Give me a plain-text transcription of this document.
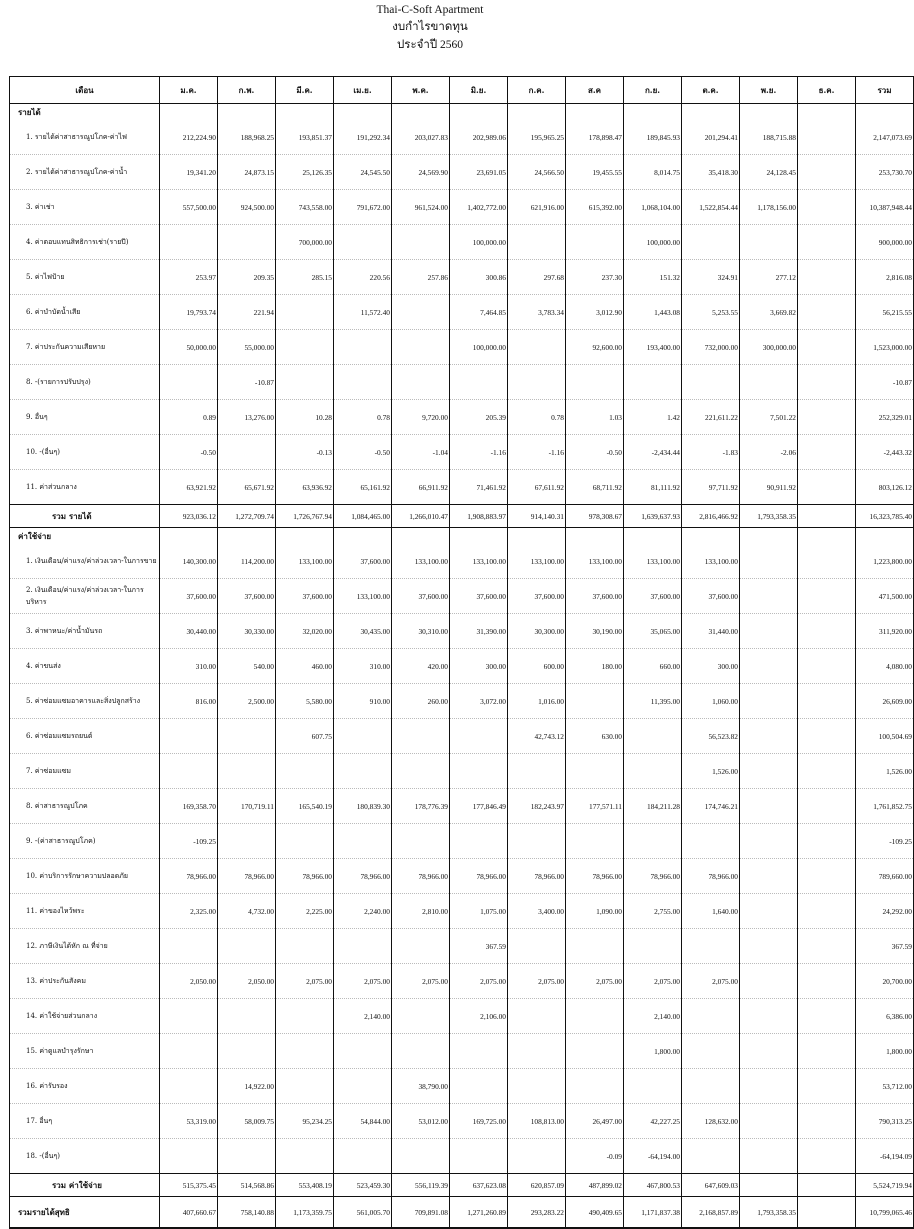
Thai-C-Soft Apartment
งบกำไรขาดทุน
ประจำปี 2560
เดือน	ม.ค.	ก.พ.	มี.ค.	เม.ย.	พ.ค.	มิ.ย.	ก.ค.	ส.ค	ก.ย.	ต.ค.	พ.ย.	ธ.ค.	รวม
รายได้													
1. รายได้ค่าสาธารณูปโภค-ค่าไฟ	212,224.90	188,968.25	193,851.37	191,292.34	203,027.83	202,989.06	195,965.25	178,898.47	189,845.93	201,294.41	188,715.88		2,147,073.69
2. รายได้ค่าสาธารณูปโภค-ค่าน้ำ	19,341.20	24,873.15	25,126.35	24,545.50	24,569.90	23,691.05	24,566.50	19,455.55	8,014.75	35,418.30	24,128.45		253,730.70
3. ค่าเช่า	557,500.00	924,500.00	743,558.00	791,672.00	961,524.00	1,402,772.00	621,916.00	615,392.00	1,068,104.00	1,522,854.44	1,178,156.00		10,387,948.44
4. ค่าตอบแทนสิทธิการเช่า(รายปี)			700,000.00			100,000.00			100,000.00				900,000.00
5. ค่าไฟป้าย	253.97	209.35	285.15	220.56	257.86	300.86	297.68	237.30	151.32	324.91	277.12		2,816.08
6. ค่าบำบัดน้ำเสีย	19,793.74	221.94		11,572.40		7,464.85	3,783.34	3,012.90	1,443.08	5,253.55	3,669.82		56,215.55
7. ค่าประกันความเสียหาย	50,000.00	55,000.00				100,000.00		92,600.00	193,400.00	732,000.00	300,000.00		1,523,000.00
8. -(รายการปรับปรุง)		-10.87											-10.87
9. อื่นๆ	0.89	13,276.00	10.28	0.78	9,720.00	205.39	0.78	1.03	1.42	221,611.22	7,501.22		252,329.01
10. -(อื่นๆ)	-0.50		-0.13	-0.50	-1.04	-1.16	-1.16	-0.50	-2,434.44	-1.83	-2.06		-2,443.32
11. ค่าส่วนกลาง	63,921.92	65,671.92	63,936.92	65,161.92	66,911.92	71,461.92	67,611.92	68,711.92	81,111.92	97,711.92	90,911.92		803,126.12
รวม รายได้	923,036.12	1,272,709.74	1,726,767.94	1,084,465.00	1,266,010.47	1,908,883.97	914,140.31	978,308.67	1,639,637.93	2,816,466.92	1,793,358.35		16,323,785.40
ค่าใช้จ่าย													
1. เงินเดือน/ค่าแรง/ค่าล่วงเวลา-ในการขาย	140,300.00	114,200.00	133,100.00	37,600.00	133,100.00	133,100.00	133,100.00	133,100.00	133,100.00	133,100.00			1,223,800.00
2. เงินเดือน/ค่าแรง/ค่าล่วงเวลา-ในการบริหาร	37,600.00	37,600.00	37,600.00	133,100.00	37,600.00	37,600.00	37,600.00	37,600.00	37,600.00	37,600.00			471,500.00
3. ค่าพาหนะ/ค่าน้ำมันรถ	30,440.00	30,330.00	32,020.00	30,435.00	30,310.00	31,390.00	30,300.00	30,190.00	35,065.00	31,440.00			311,920.00
4. ค่าขนส่ง	310.00	540.00	460.00	310.00	420.00	300.00	600.00	180.00	660.00	300.00			4,080.00
5. ค่าซ่อมแซมอาคารและสิ่งปลูกสร้าง	816.00	2,500.00	5,580.00	910.00	260.00	3,072.00	1,016.00		11,395.00	1,060.00			26,609.00
6. ค่าซ่อมแซมรถยนต์			607.75				42,743.12	630.00		56,523.82			100,504.69
7. ค่าซ่อมแซม										1,526.00			1,526.00
8. ค่าสาธารณูปโภค	169,358.70	170,719.11	165,540.19	180,839.30	178,776.39	177,846.49	182,243.97	177,571.11	184,211.28	174,746.21			1,761,852.75
9. -(ค่าสาธารณูปโภค)	-109.25												-109.25
10. ค่าบริการรักษาความปลอดภัย	78,966.00	78,966.00	78,966.00	78,966.00	78,966.00	78,966.00	78,966.00	78,966.00	78,966.00	78,966.00			789,660.00
11. ค่าของไหว้พระ	2,325.00	4,732.00	2,225.00	2,240.00	2,810.00	1,075.00	3,400.00	1,090.00	2,755.00	1,640.00			24,292.00
12. ภาษีเงินได้หัก ณ ที่จ่าย						367.59							367.59
13. ค่าประกันสังคม	2,050.00	2,050.00	2,075.00	2,075.00	2,075.00	2,075.00	2,075.00	2,075.00	2,075.00	2,075.00			20,700.00
14. ค่าใช้จ่ายส่วนกลาง				2,140.00		2,106.00			2,140.00				6,386.00
15. ค่าดูแลบำรุงรักษา									1,800.00				1,800.00
16. ค่ารับรอง		14,922.00			38,790.00								53,712.00
17. อื่นๆ	53,319.00	58,009.75	95,234.25	54,844.00	53,012.00	169,725.00	108,813.00	26,497.00	42,227.25	128,632.00			790,313.25
18. -(อื่นๆ)								-0.09	-64,194.00				-64,194.09
รวม ค่าใช้จ่าย	515,375.45	514,568.86	553,408.19	523,459.30	556,119.39	637,623.08	620,857.09	487,899.02	467,800.53	647,609.03			5,524,719.94
รวมรายได้สุทธิ	407,660.67	758,140.88	1,173,359.75	561,005.70	709,891.08	1,271,260.89	293,283.22	490,409.65	1,171,837.38	2,168,857.89	1,793,358.35		10,799,065.46
